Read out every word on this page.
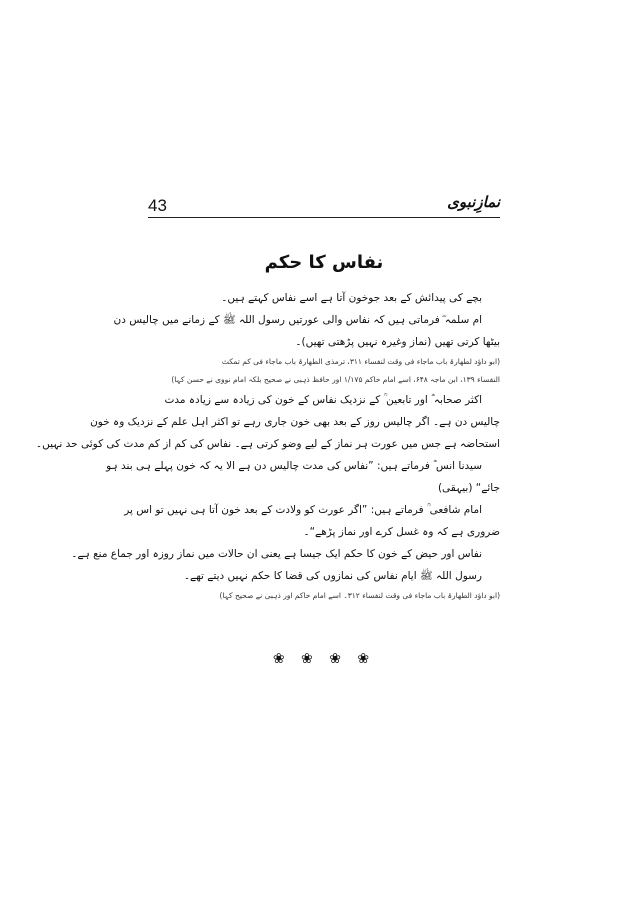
43	نمازِنبوی
نفاس کا حکم
بچے کی پیدائش کے بعد جوخون آتا ہے اسے نفاس کہتے ہیں۔
ام سلمہ ؓ فرماتی ہیں کہ نفاس والی عورتیں رسول اللہ ﷺ کے زمانے میں چالیس دن
بیٹھا کرتی تھیں (نماز وغیرہ نہیں پڑھتی تھیں)۔
(ابو داؤد لطھارۃ باب ماجاء فی وقت لنفساء ۳۱۱، ترمذی الطھارۃ باب ماجاء فی کم تمکث
النفساء ۱۳۹، ابن ماجہ ۶۴۸، اسے امام حاکم ۱/۱۷۵ اور حافظ ذہبی نے صحیح بلکہ امام نووی نے حسن کہا)
اکثر صحابہ ؓ اور تابعین ؒ کے نزدیک نفاس کے خون کی زیادہ سے زیادہ مدت
چالیس دن ہے۔ اگر چالیس روز کے بعد بھی خون جاری رہے تو اکثر اہل علم کے نزدیک وہ خون
استحاضہ ہے جس میں عورت ہر نماز کے لیے وضو کرتی ہے۔ نفاس کی کم از کم مدت کی کوئی حد نہیں۔
سیدنا انس ؓ فرماتے ہیں: ”نفاس کی مدت چالیس دن ہے الا یہ کہ خون پہلے ہی بند ہو
جائے“ (بیہقی)
امام شافعی ؒ فرماتے ہیں: ”اگر عورت کو ولادت کے بعد خون آتا ہی نہیں تو اس پر
ضروری ہے کہ وہ غسل کرے اور نماز پڑھے“۔
نفاس اور حیض کے خون کا حکم ایک جیسا ہے یعنی ان حالات میں نماز روزہ اور جماع منع ہے۔
رسول اللہ ﷺ ایام نفاس کی نمازوں کی قضا کا حکم نہیں دیتے تھے۔
(ابو داؤد الطھارۃ باب ماجاء فی وقت لنفساء ۳۱۲۔ اسے امام حاکم اور ذہبی نے صحیح کہا)
❀ ❀ ❀ ❀
